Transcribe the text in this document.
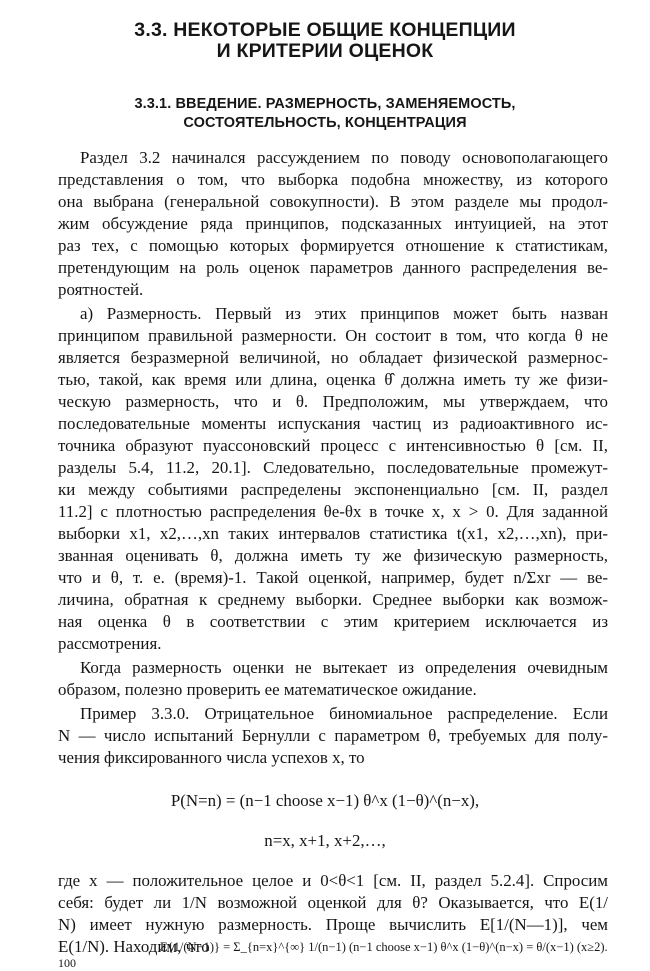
3.3. НЕКОТОРЫЕ ОБЩИЕ КОНЦЕПЦИИ
И КРИТЕРИИ ОЦЕНОК
3.3.1. ВВЕДЕНИЕ. РАЗМЕРНОСТЬ, ЗАМЕНЯЕМОСТЬ,
СОСТОЯТЕЛЬНОСТЬ, КОНЦЕНТРАЦИЯ
Раздел 3.2 начинался рассуждением по поводу основополагающего
представления о том, что выборка подобна множеству, из которого
она выбрана (генеральной совокупности). В этом разделе мы продол-
жим обсуждение ряда принципов, подсказанных интуицией, на этот
раз тех, с помощью которых формируется отношение к статистикам,
претендующим на роль оценок параметров данного распределения ве-
роятностей.
а) Размерность. Первый из этих принципов может быть назван
принципом правильной размерности. Он состоит в том, что когда θ не
является безразмерной величиной, но обладает физической размернос-
тью, такой, как время или длина, оценка θ̂ должна иметь ту же физи-
ческую размерность, что и θ. Предположим, мы утверждаем, что
последовательные моменты испускания частиц из радиоактивного ис-
точника образуют пуассоновский процесс с интенсивностью θ [см. II,
разделы 5.4, 11.2, 20.1]. Следовательно, последовательные промежут-
ки между событиями распределены экспоненциально [см. II, раздел
11.2] с плотностью распределения θe-θx в точке x, x > 0. Для заданной
выборки x1, x2,…,xn таких интервалов статистика t(x1, x2,…,xn), при-
званная оценивать θ, должна иметь ту же физическую размерность,
что и θ, т. е. (время)-1. Такой оценкой, например, будет n/Σxr — ве-
личина, обратная к среднему выборки. Среднее выборки как возмож-
ная оценка θ в соответствии с этим критерием исключается из
рассмотрения.
Когда размерность оценки не вытекает из определения очевидным
образом, полезно проверить ее математическое ожидание.
Пример 3.3.0. Отрицательное биномиальное распределение. Если
N — число испытаний Бернулли с параметром θ, требуемых для полу-
чения фиксированного числа успехов x, то
P(N=n) = (n−1 choose x−1) θ^x (1−θ)^(n−x),
n=x, x+1, x+2,…,
где x — положительное целое и 0<θ<1 [см. II, раздел 5.2.4]. Спросим
себя: будет ли 1/N возможной оценкой для θ? Оказывается, что E(1/
N) имеет нужную размерность. Проще вычислить E[1/(N—1)], чем
E(1/N). Находим, что
E{1/(N−1)} = Σ_{n=x}^{∞} 1/(n−1) (n−1 choose x−1) θ^x (1−θ)^(n−x) = θ/(x−1) (x≥2).
100
